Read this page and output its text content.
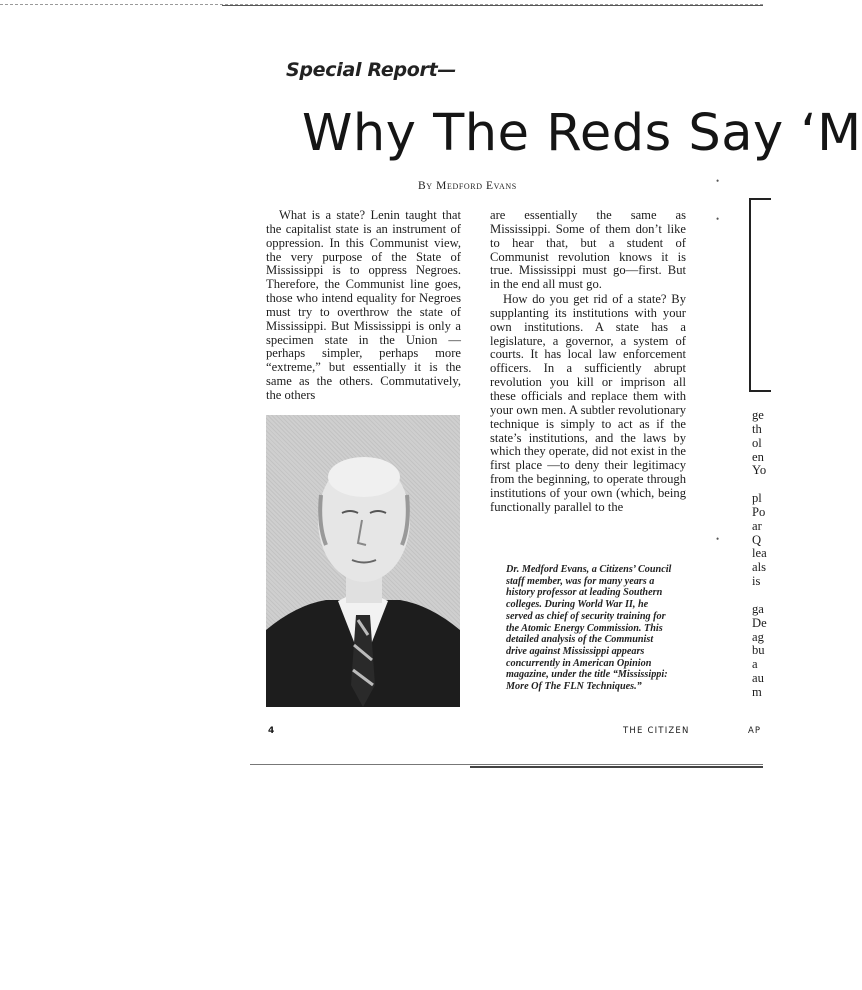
Special Report—
Why The Reds Say ‘M
By Medford Evans

What is a state? Lenin taught that the capitalist state is an instrument of oppression. In this Communist view, the very purpose of the State of Mississippi is to oppress Negroes. Therefore, the Communist line goes, those who intend equality for Negroes must try to overthrow the state of Mississippi. But Mississippi is only a specimen state in the Union — perhaps simpler, perhaps more “extreme,” but essentially it is the same as the others. Commutatively, the others

are essentially the same as Mississippi. Some of them don’t like to hear that, but a student of Communist revolution knows it is true. Mississippi must go—first. But in the end all must go.

How do you get rid of a state? By supplanting its institutions with your own institutions. A state has a legislature, a governor, a system of courts. It has local law enforcement officers. In a sufficiently abrupt revolution you kill or imprison all these officials and replace them with your own men. A subtler revolutionary technique is simply to act as if the state’s institutions, and the laws by which they operate, did not exist in the first place —to deny their legitimacy from the beginning, to operate through institutions of your own (which, being functionally parallel to the

Dr. Medford Evans, a Citizens’ Council staff member, was for many years a history professor at leading Southern colleges. During World War II, he served as chief of security training for the Atomic Energy Commission. This detailed analysis of the Communist drive against Mississippi appears concurrently in American Opinion magazine, under the title “Mississippi: More Of The FLN Techniques.”
ge
th
ol
en
Yo

pl
Po
ar
Q
lea
als
is

ga
De
ag
bu
a
au
m
•
•
•
4	THE CITIZEN	AP
